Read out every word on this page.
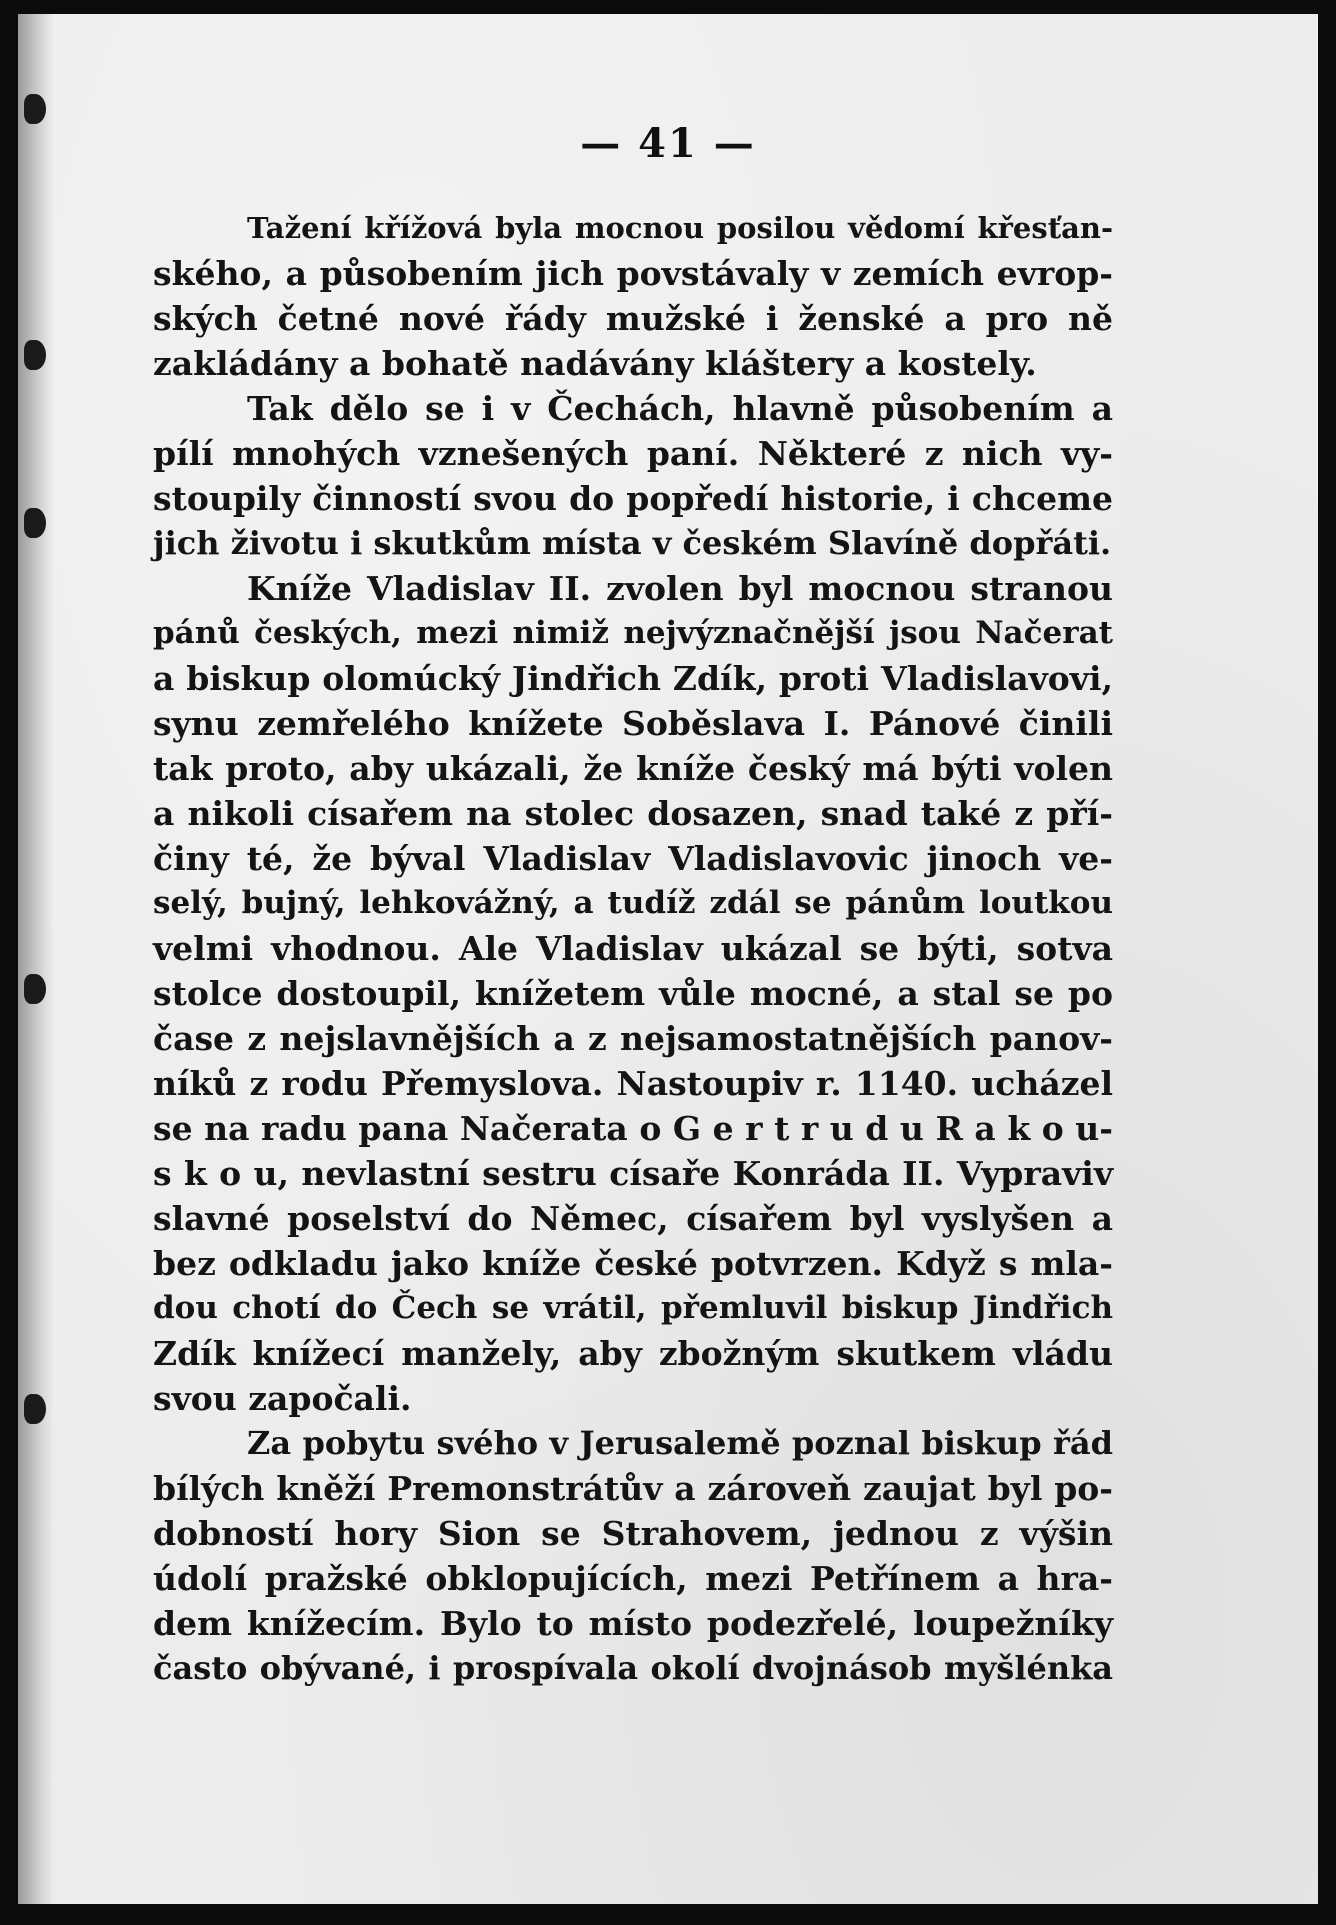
— 41 —
Tažení křížová byla mocnou posilou vědomí křesťan-
ského, a působením jich povstávaly v zemích evrop-
ských četné nové řády mužské i ženské a pro ně
zakládány a bohatě nadávány kláštery a kostely.
Tak dělo se i v Čechách, hlavně působením a
pílí mnohých vznešených paní. Některé z nich vy-
stoupily činností svou do popředí historie, i chceme
jich životu i skutkům místa v českém Slavíně dopřáti.
Kníže Vladislav II. zvolen byl mocnou stranou
pánů českých, mezi nimiž nejvýznačnější jsou Načerat
a biskup olomúcký Jindřich Zdík, proti Vladislavovi,
synu zemřelého knížete Soběslava I. Pánové činili
tak proto, aby ukázali, že kníže český má býti volen
a nikoli císařem na stolec dosazen, snad také z pří-
činy té, že býval Vladislav Vladislavovic jinoch ve-
selý, bujný, lehkovážný, a tudíž zdál se pánům loutkou
velmi vhodnou. Ale Vladislav ukázal se býti, sotva
stolce dostoupil, knížetem vůle mocné, a stal se po
čase z nejslavnějších a z nejsamostatnějších panov-
níků z rodu Přemyslova. Nastoupiv r. 1140. ucházel
se na radu pana Načerata o G e r t r u d u R a k o u-
s k o u, nevlastní sestru císaře Konráda II. Vypraviv
slavné poselství do Němec, císařem byl vyslyšen a
bez odkladu jako kníže české potvrzen. Když s mla-
dou chotí do Čech se vrátil, přemluvil biskup Jindřich
Zdík knížecí manžely, aby zbožným skutkem vládu
svou započali.
Za pobytu svého v Jerusalemě poznal biskup řád
bílých kněží Premonstrátův a zároveň zaujat byl po-
dobností hory Sion se Strahovem, jednou z výšin
údolí pražské obklopujících, mezi Petřínem a hra-
dem knížecím. Bylo to místo podezřelé, loupežníky
často obývané, i prospívala okolí dvojnásob myšlénka
